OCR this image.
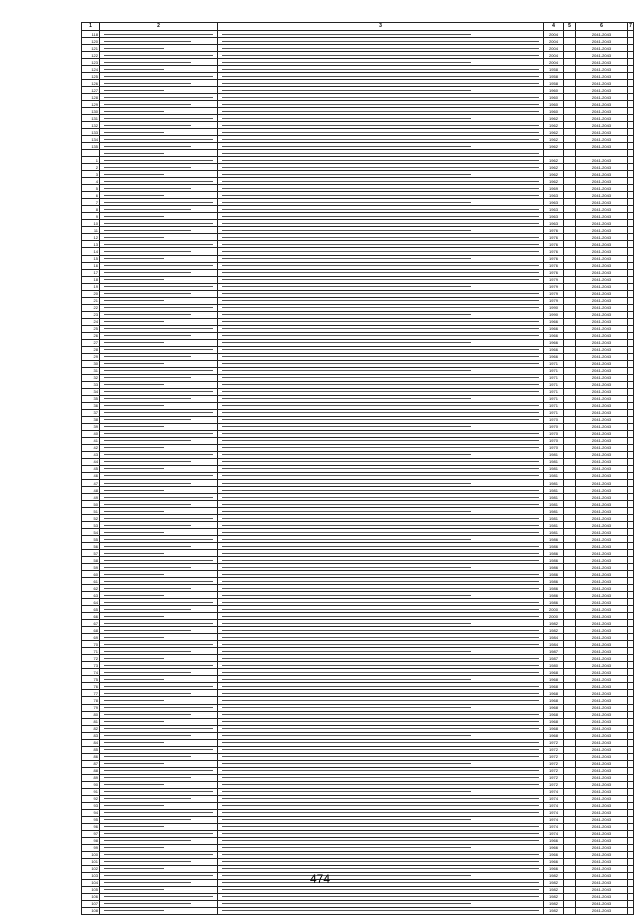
1	2	3	4	5	6	7
118			2004		2041-2043	
120			2004		2041-2043	
121			2004		2041-2043	
122			2004		2041-2043	
123			2004		2041-2043	
124			1958		2041-2043	
125			1958		2041-2043	
126			1958		2041-2043	
127			1960		2041-2043	
128			1960		2041-2043	
129			1960		2041-2043	
130			1960		2041-2043	
131			1962		2041-2043	
132			1962		2041-2043	
133			1962		2041-2043	
134			1962		2041-2043	
135			1962		2041-2043	

1			1962		2041-2043	
2			1962		2041-2043	
3			1962		2041-2043	
4			1962		2041-2043	
5			1969		2041-2043	
6			1963		2041-2043	
7			1963		2041-2043	
8			1963		2041-2043	
9			1963		2041-2043	
10			1963		2041-2043	
11			1976		2041-2043	
12			1976		2041-2043	
13			1976		2041-2043	
14			1976		2041-2043	
15			1976		2041-2043	
16			1976		2041-2043	
17			1976		2041-2043	
18			1979		2041-2043	
19			1979		2041-2043	
20			1979		2041-2043	
21			1979		2041-2043	
22			1990		2041-2043	
23			1990		2041-2043	
24			1966		2041-2043	
25			1966		2041-2043	
26			1966		2041-2043	
27			1966		2041-2043	
28			1966		2041-2043	
29			1966		2041-2043	
30			1971		2041-2043	
31			1971		2041-2043	
32			1971		2041-2043	
33			1971		2041-2043	
34			1971		2041-2043	
35			1971		2041-2043	
36			1971		2041-2043	
37			1971		2041-2043	
38			1970		2041-2043	
39			1970		2041-2043	
40			1970		2041-2043	
41			1970		2041-2043	
42			1970		2041-2043	
43			1981		2041-2043	
44			1981		2041-2043	
45			1981		2041-2043	
46			1981		2041-2043	
47			1981		2041-2043	
48			1981		2041-2043	
49			1981		2041-2043	
50			1981		2041-2043	
51			1981		2041-2043	
52			1981		2041-2043	
53			1981		2041-2043	
54			1981		2041-2043	
55			1986		2041-2043	
56			1986		2041-2043	
57			1986		2041-2043	
58			1986		2041-2043	
59			1986		2041-2043	
60			1986		2041-2043	
61			1986		2041-2043	
62			1986		2041-2043	
63			1986		2041-2043	
64			1986		2041-2043	
65			2000		2041-2043	
66			2000		2041-2043	
67			1982		2041-2043	
68			1982		2041-2043	
69			1984		2041-2043	
70			1984		2041-2043	
71			1987		2041-2043	
72			1987		2041-2043	
73			1980		2041-2043	
74			1968		2041-2043	
75			1968		2041-2043	
76			1968		2041-2043	
77			1968		2041-2043	
78			1968		2041-2043	
79			1968		2041-2043	
80			1968		2041-2043	
81			1968		2041-2043	
82			1968		2041-2043	
83			1968		2041-2043	
84			1972		2041-2043	
85			1972		2041-2043	
86			1972		2041-2043	
87			1972		2041-2043	
88			1972		2041-2043	
89			1972		2041-2043	
90			1972		2041-2043	
91			1974		2041-2043	
92			1974		2041-2043	
93			1974		2041-2043	
94			1974		2041-2043	
95			1974		2041-2043	
96			1974		2041-2043	
97			1974		2041-2043	
98			1966		2041-2043	
99			1966		2041-2043	
100			1966		2041-2043	
101			1966		2041-2043	
102			1966		2041-2043	
103			1982		2041-2043	
104			1982		2041-2043	
105			1982		2041-2043	
106			1982		2041-2043	
107			1982		2041-2043	
108			1982		2041-2043	
474
